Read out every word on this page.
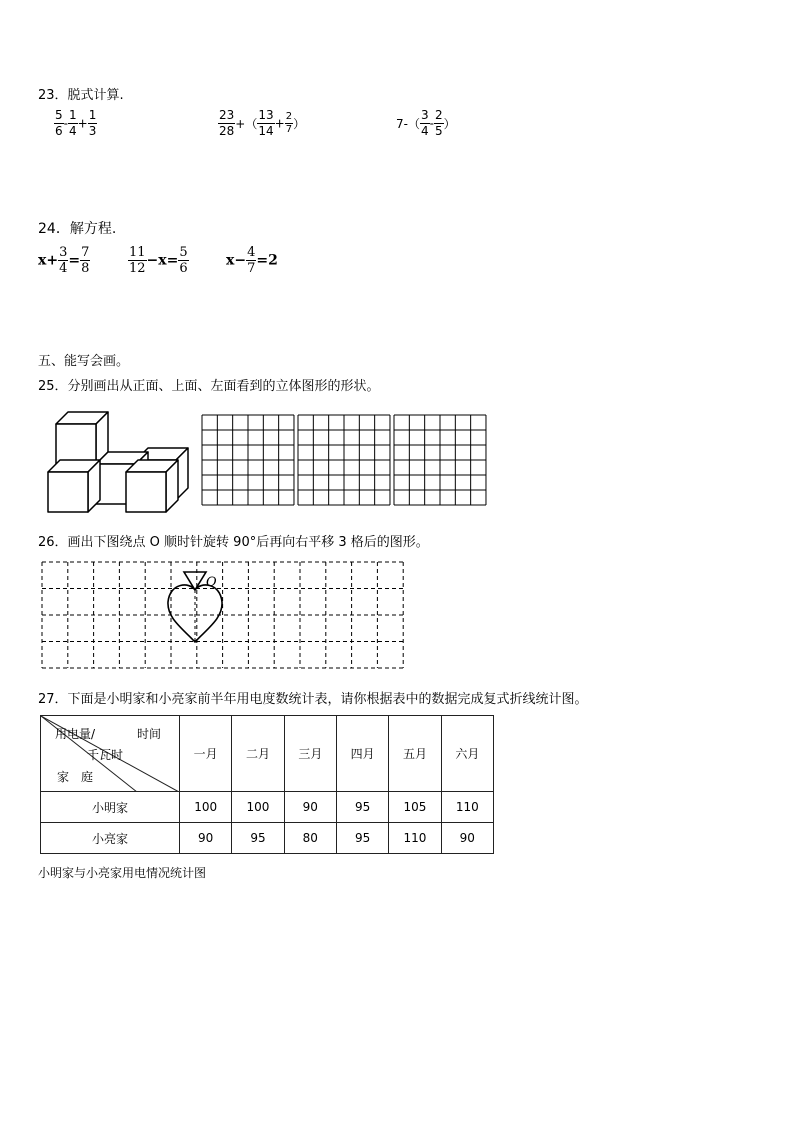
23．脱式计算.
$\frac{5}{6} - \frac{1}{4} + \frac{1}{3}$	$\frac{23}{28}$ +（ $\frac{13}{14} + \frac{2}{7}$ ）	$7-( \frac{3}{4} - \frac{2}{5}$ ）
24．解方程.
$x+ \frac{3}{4} = \frac{7}{8}$	$\frac{11}{12} -x= \frac{5}{6}$	$x- \frac{4}{7} =2$
五、能写会画。
25．分别画出从正面、上面、左面看到的立体图形的形状。
26．画出下图绕点 O 顺时针旋转 90°后再向右平移 3 格后的图形。
O
27．下面是小明家和小亮家前半年用电度数统计表，请你根据表中的数据完成复式折线统计图。
时间
用电量/
千瓦时
家　庭	一月	二月	三月	四月	五月	六月
小明家	100	100	90	95	105	110
小亮家	90	95	80	95	110	90
小明家与小亮家用电情况统计图
